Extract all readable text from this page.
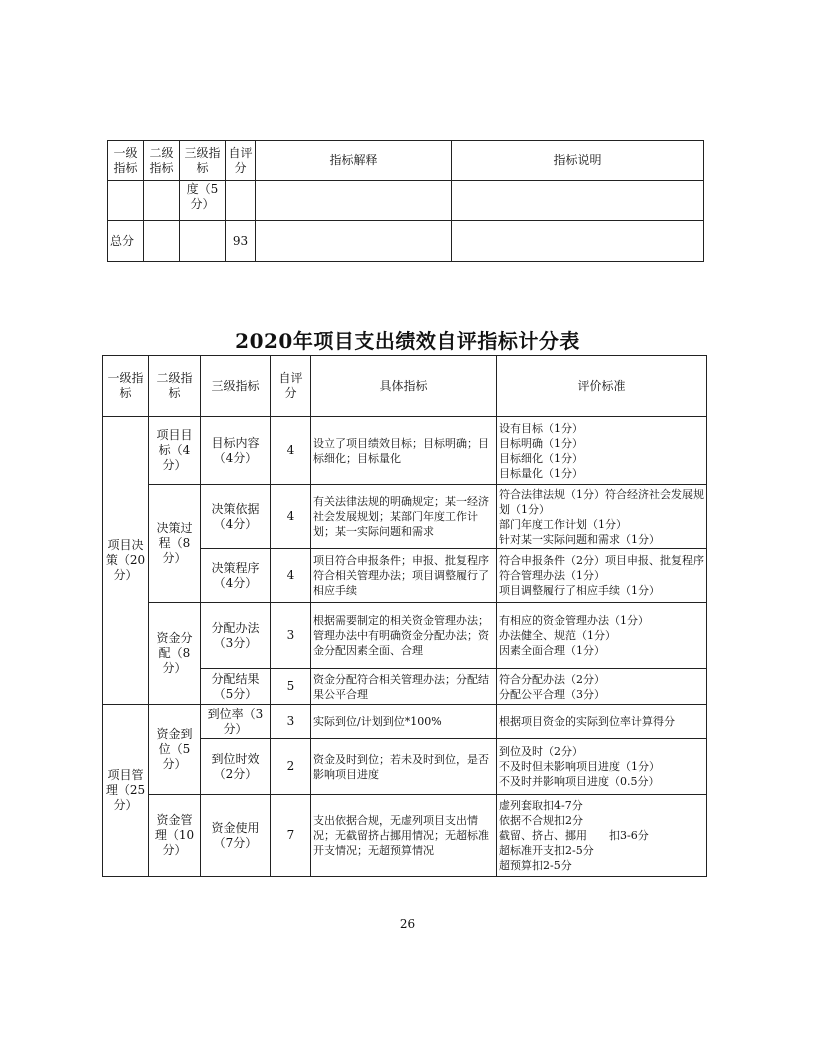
一级指标	二级指标	三级指标	自评分	指标解释	指标说明
		度（5分）			
总分			93		
2020年项目支出绩效自评指标计分表
一级指标	二级指标	三级指标	自评分	具体指标	评价标准
项目决策（20分）	项目目标（4分）	目标内容（4分）	4	设立了项目绩效目标；目标明确；目标细化；目标量化	设有目标（1分）
目标明确（1分）
目标细化（1分）
目标量化（1分）

	决策过程（8分）	决策依据（4分）	4	有关法律法规的明确规定；某一经济社会发展规划；某部门年度工作计划；某一实际问题和需求	符合法律法规（1分）符合经济社会发展规划（1分）
部门年度工作计划（1分）
针对某一实际问题和需求（1分）

		决策程序（4分）	4	项目符合申报条件；申报、批复程序符合相关管理办法；项目调整履行了相应手续	符合申报条件（2分）项目申报、批复程序符合管理办法（1分）
项目调整履行了相应手续（1分）

	资金分配（8分）	分配办法（3分）	3	根据需要制定的相关资金管理办法；管理办法中有明确资金分配办法；资金分配因素全面、合理	有相应的资金管理办法（1分）
办法健全、规范（1分）
因素全面合理（1分）

		分配结果（5分）	5	资金分配符合相关管理办法；分配结果公平合理	符合分配办法（2分）
分配公平合理（3分）

项目管理（25分）	资金到位（5分）	到位率（3分）	3	实际到位/计划到位*100%	根据项目资金的实际到位率计算得分

		到位时效（2分）	2	资金及时到位；若未及时到位，是否影响项目进度	到位及时（2分）
不及时但未影响项目进度（1分）
不及时并影响项目进度（0.5分）

	资金管理（10分）	资金使用（7分）	7	支出依据合规，无虚列项目支出情况；无截留挤占挪用情况；无超标准开支情况；无超预算情况	虚列套取扣4-7分
依据不合规扣2分
截留、挤占、挪用　　扣3-6分
超标准开支扣2-5分
超预算扣2-5分
26
